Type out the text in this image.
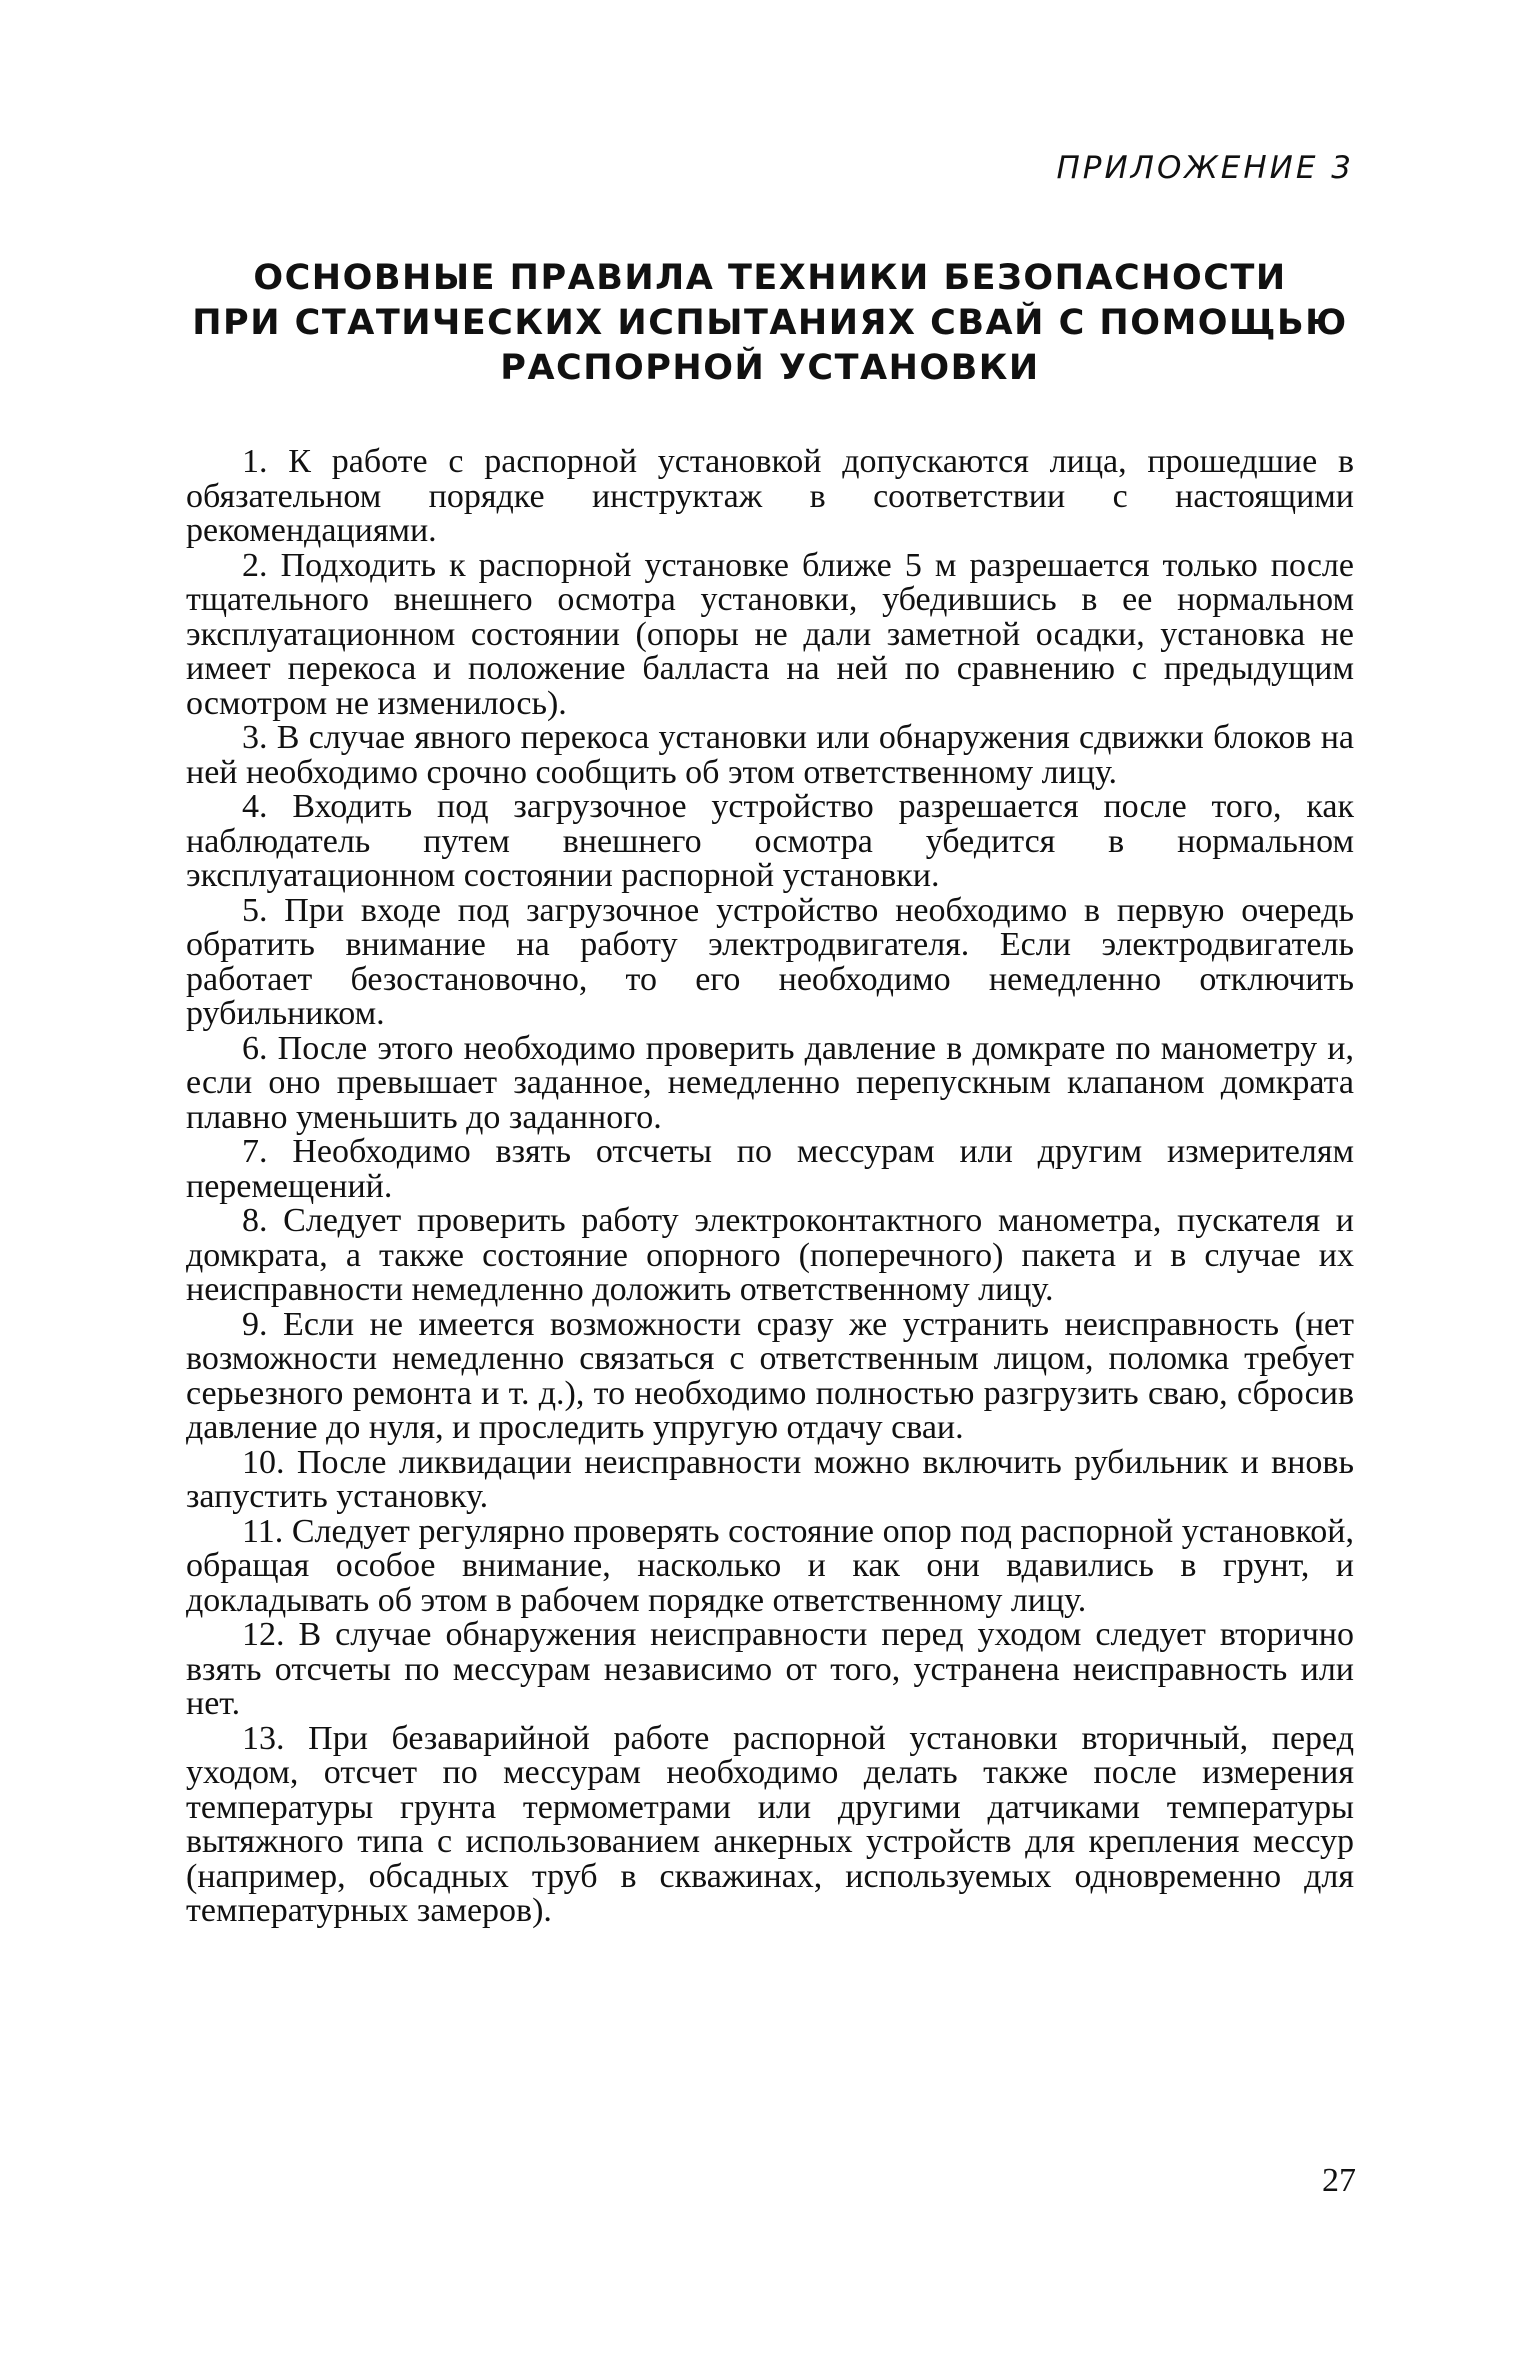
ПРИЛОЖЕНИЕ 3
ОСНОВНЫЕ ПРАВИЛА ТЕХНИКИ БЕЗОПАСНОСТИ
ПРИ СТАТИЧЕСКИХ ИСПЫТАНИЯХ СВАЙ С ПОМОЩЬЮ
РАСПОРНОЙ УСТАНОВКИ

1. К работе с распорной установкой допускаются лица, прошедшие в обязательном порядке инструктаж в соответствии с настоящими рекомендациями.

2. Подходить к распорной установке ближе 5 м разрешается только после тщательного внешнего осмотра установки, убедившись в ее нормальном эксплуатационном состоянии (опоры не дали заметной осадки, установка не имеет перекоса и положение балласта на ней по сравнению с предыдущим осмотром не изменилось).

3. В случае явного перекоса установки или обнаружения сдвижки блоков на ней необходимо срочно сообщить об этом ответственному лицу.

4. Входить под загрузочное устройство разрешается после того, как наблюдатель путем внешнего осмотра убедится в нормальном эксплуатационном состоянии распорной установки.

5. При входе под загрузочное устройство необходимо в первую очередь обратить внимание на работу электродвигателя. Если электродвигатель работает безостановочно, то его необходимо немедленно отключить рубильником.

6. После этого необходимо проверить давление в домкрате по манометру и, если оно превышает заданное, немедленно перепускным клапаном домкрата плавно уменьшить до заданного.

7. Необходимо взять отсчеты по мессурам или другим измерителям перемещений.

8. Следует проверить работу электроконтактного манометра, пускателя и домкрата, а также состояние опорного (поперечного) пакета и в случае их неисправности немедленно доложить ответственному лицу.

9. Если не имеется возможности сразу же устранить неисправность (нет возможности немедленно связаться с ответственным лицом, поломка требует серьезного ремонта и т. д.), то необходимо полностью разгрузить сваю, сбросив давление до нуля, и проследить упругую отдачу сваи.

10. После ликвидации неисправности можно включить рубильник и вновь запустить установку.

11. Следует регулярно проверять состояние опор под распорной установкой, обращая особое внимание, насколько и как они вдавились в грунт, и докладывать об этом в рабочем порядке ответственному лицу.

12. В случае обнаружения неисправности перед уходом следует вторично взять отсчеты по мессурам независимо от того, устранена неисправность или нет.

13. При безаварийной работе распорной установки вторичный, перед уходом, отсчет по мессурам необходимо делать также после измерения температуры грунта термометрами или другими датчиками температуры вытяжного типа с использованием анкерных устройств для крепления мессур (например, обсадных труб в скважинах, используемых одновременно для температурных замеров).

27
